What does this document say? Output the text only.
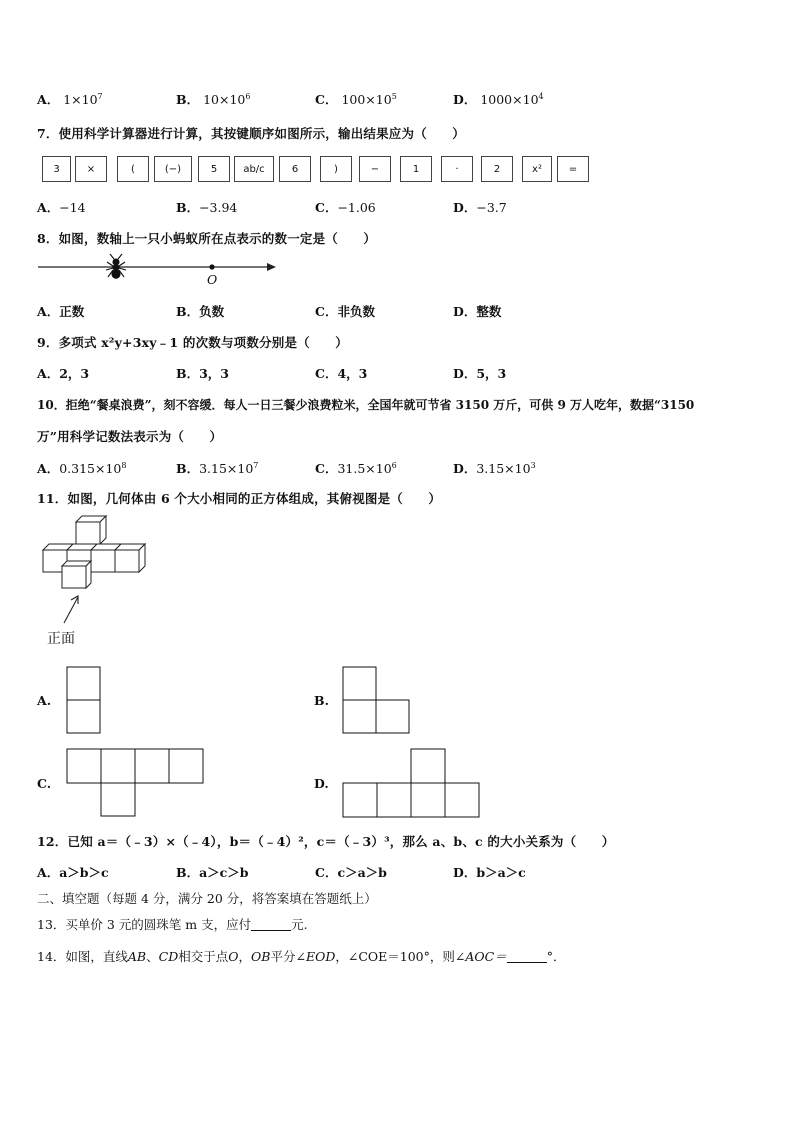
A． $1\times 10^7$	B． $10\times 10^6$	C． $100\times 10^5$	D． $1000\times 10^4$
7．使用科学计算器进行计算，其按键顺序如图所示，输出结果应为（　　）
3	×	(	(−)	5	ab/c	6	)	−	1	·	2	x²	=
A．−14	B．−3.94	C．−1.06	D．−3.7
8．如图，数轴上一只小蚂蚁所在点表示的数一定是（　　）
O
A．正数	B．负数	C．非负数	D．整数
9．多项式 x²y+3xy﹣1 的次数与项数分别是（　　）
A．2，3	B．3，3	C．4，3	D．5，3
10．拒绝“餐桌浪费”，刻不容缓．每人一日三餐少浪费粒米，全国年就可节省 3150 万斤，可供 9 万人吃年，数据“3150
万”用科学记数法表示为（　　）
A．$0.315\times 10^8$	B．$3.15\times 10^7$	C．$31.5\times 10^6$	D．$3.15\times 10^3$
11．如图，几何体由 6 个大小相同的正方体组成，其俯视图是（　　）
正面
A.	B.
C.	D.
12．已知 a＝（﹣3）×（﹣4），b＝（﹣4）²，c＝（﹣3）³，那么 a、b、c 的大小关系为（　　）
A．a＞b＞c	B．a＞c＞b	C．c＞a＞b	D．b＞a＞c
二、填空题（每题 4 分，满分 20 分，将答案填在答题纸上）
13．买单价 3 元的圆珠笔 m 支，应付	元.
14．如图，直线AB、CD相交于点O，OB平分∠EOD，∠COE＝100°，则∠AOC＝	°．
